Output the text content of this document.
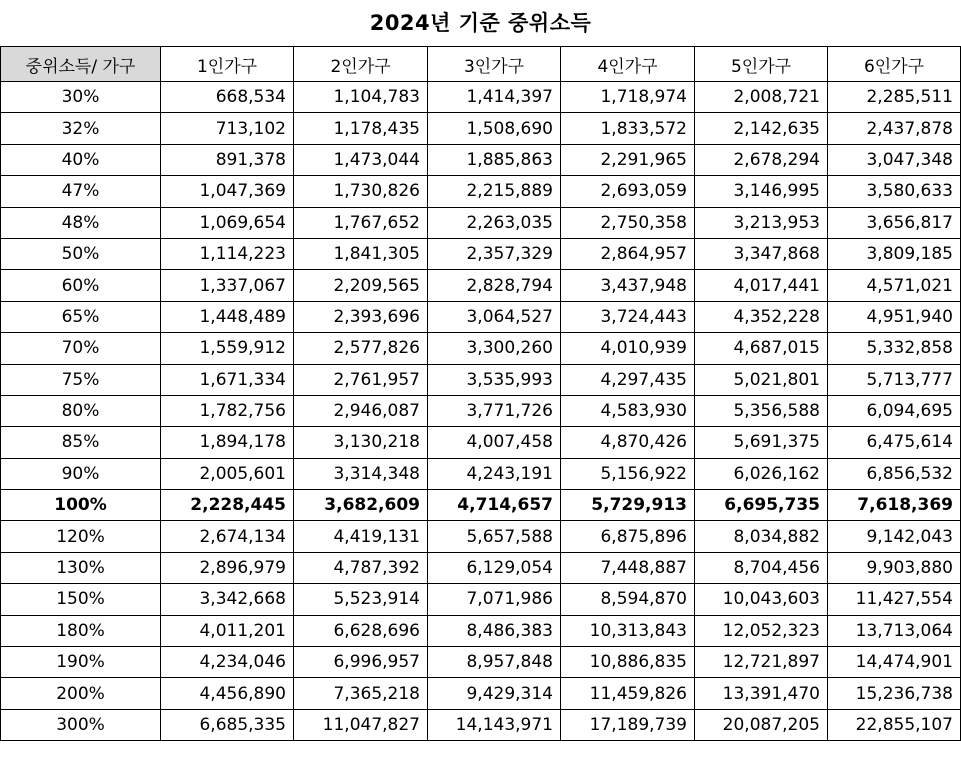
2024년 기준 중위소득
중위소득/ 가구	1인가구	2인가구	3인가구	4인가구	5인가구	6인가구
30%	668,534	1,104,783	1,414,397	1,718,974	2,008,721	2,285,511
32%	713,102	1,178,435	1,508,690	1,833,572	2,142,635	2,437,878
40%	891,378	1,473,044	1,885,863	2,291,965	2,678,294	3,047,348
47%	1,047,369	1,730,826	2,215,889	2,693,059	3,146,995	3,580,633
48%	1,069,654	1,767,652	2,263,035	2,750,358	3,213,953	3,656,817
50%	1,114,223	1,841,305	2,357,329	2,864,957	3,347,868	3,809,185
60%	1,337,067	2,209,565	2,828,794	3,437,948	4,017,441	4,571,021
65%	1,448,489	2,393,696	3,064,527	3,724,443	4,352,228	4,951,940
70%	1,559,912	2,577,826	3,300,260	4,010,939	4,687,015	5,332,858
75%	1,671,334	2,761,957	3,535,993	4,297,435	5,021,801	5,713,777
80%	1,782,756	2,946,087	3,771,726	4,583,930	5,356,588	6,094,695
85%	1,894,178	3,130,218	4,007,458	4,870,426	5,691,375	6,475,614
90%	2,005,601	3,314,348	4,243,191	5,156,922	6,026,162	6,856,532
100%	2,228,445	3,682,609	4,714,657	5,729,913	6,695,735	7,618,369
120%	2,674,134	4,419,131	5,657,588	6,875,896	8,034,882	9,142,043
130%	2,896,979	4,787,392	6,129,054	7,448,887	8,704,456	9,903,880
150%	3,342,668	5,523,914	7,071,986	8,594,870	10,043,603	11,427,554
180%	4,011,201	6,628,696	8,486,383	10,313,843	12,052,323	13,713,064
190%	4,234,046	6,996,957	8,957,848	10,886,835	12,721,897	14,474,901
200%	4,456,890	7,365,218	9,429,314	11,459,826	13,391,470	15,236,738
300%	6,685,335	11,047,827	14,143,971	17,189,739	20,087,205	22,855,107
